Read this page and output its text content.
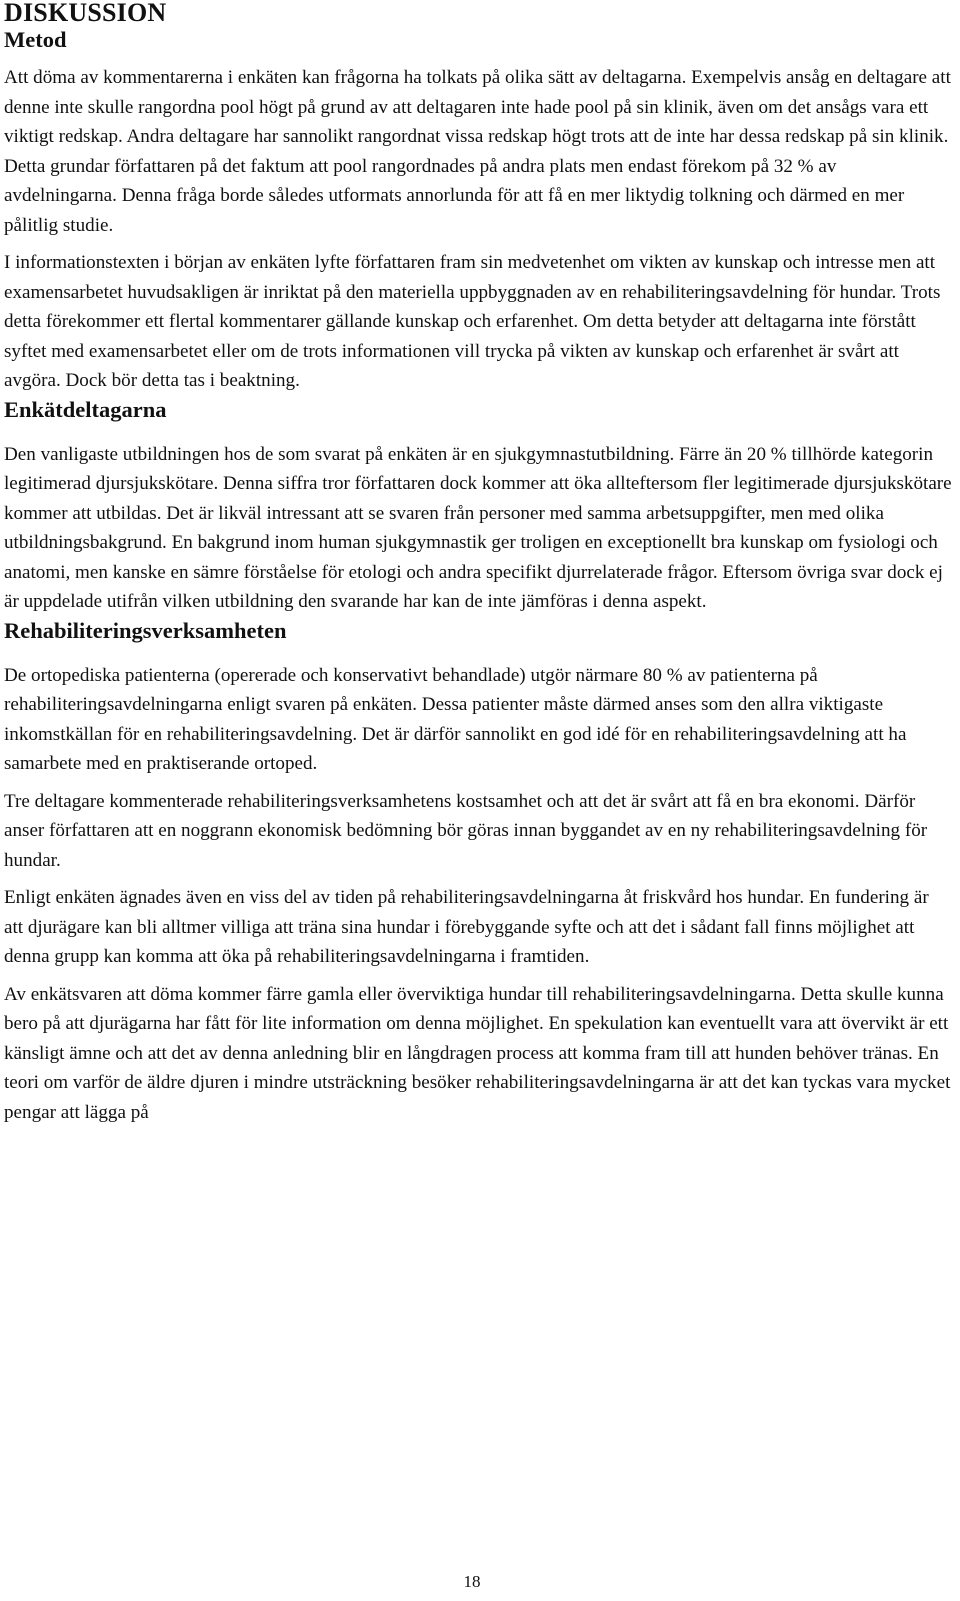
DISKUSSION
Metod

Att döma av kommentarerna i enkäten kan frågorna ha tolkats på olika sätt av deltagarna. Exempelvis ansåg en deltagare att denne inte skulle rangordna pool högt på grund av att deltagaren inte hade pool på sin klinik, även om det ansågs vara ett viktigt redskap. Andra deltagare har sannolikt rangordnat vissa redskap högt trots att de inte har dessa redskap på sin klinik. Detta grundar författaren på det faktum att pool rangordnades på andra plats men endast förekom på 32 % av avdelningarna. Denna fråga borde således utformats annorlunda för att få en mer liktydig tolkning och därmed en mer pålitlig studie.

I informationstexten i början av enkäten lyfte författaren fram sin medvetenhet om vikten av kunskap och intresse men att examensarbetet huvudsakligen är inriktat på den materiella uppbyggnaden av en rehabiliteringsavdelning för hundar. Trots detta förekommer ett flertal kommentarer gällande kunskap och erfarenhet. Om detta betyder att deltagarna inte förstått syftet med examensarbetet eller om de trots informationen vill trycka på vikten av kunskap och erfarenhet är svårt att avgöra. Dock bör detta tas i beaktning.

Enkätdeltagarna

Den vanligaste utbildningen hos de som svarat på enkäten är en sjukgymnastutbildning. Färre än 20 % tillhörde kategorin legitimerad djursjukskötare. Denna siffra tror författaren dock kommer att öka allteftersom fler legitimerade djursjukskötare kommer att utbildas. Det är likväl intressant att se svaren från personer med samma arbetsuppgifter, men med olika utbildningsbakgrund. En bakgrund inom human sjukgymnastik ger troligen en exceptionellt bra kunskap om fysiologi och anatomi, men kanske en sämre förståelse för etologi och andra specifikt djurrelaterade frågor. Eftersom övriga svar dock ej är uppdelade utifrån vilken utbildning den svarande har kan de inte jämföras i denna aspekt.

Rehabiliteringsverksamheten

De ortopediska patienterna (opererade och konservativt behandlade) utgör närmare 80 % av patienterna på rehabiliteringsavdelningarna enligt svaren på enkäten. Dessa patienter måste därmed anses som den allra viktigaste inkomstkällan för en rehabiliteringsavdelning. Det är därför sannolikt en god idé för en rehabiliteringsavdelning att ha samarbete med en praktiserande ortoped.

Tre deltagare kommenterade rehabiliteringsverksamhetens kostsamhet och att det är svårt att få en bra ekonomi. Därför anser författaren att en noggrann ekonomisk bedömning bör göras innan byggandet av en ny rehabiliteringsavdelning för hundar.

Enligt enkäten ägnades även en viss del av tiden på rehabiliteringsavdelningarna åt friskvård hos hundar. En fundering är att djurägare kan bli alltmer villiga att träna sina hundar i förebyggande syfte och att det i sådant fall finns möjlighet att denna grupp kan komma att öka på rehabiliteringsavdelningarna i framtiden.

Av enkätsvaren att döma kommer färre gamla eller överviktiga hundar till rehabiliteringsavdelningarna. Detta skulle kunna bero på att djurägarna har fått för lite information om denna möjlighet. En spekulation kan eventuellt vara att övervikt är ett känsligt ämne och att det av denna anledning blir en långdragen process att komma fram till att hunden behöver tränas. En teori om varför de äldre djuren i mindre utsträckning besöker rehabiliteringsavdelningarna är att det kan tyckas vara mycket pengar att lägga på

18
